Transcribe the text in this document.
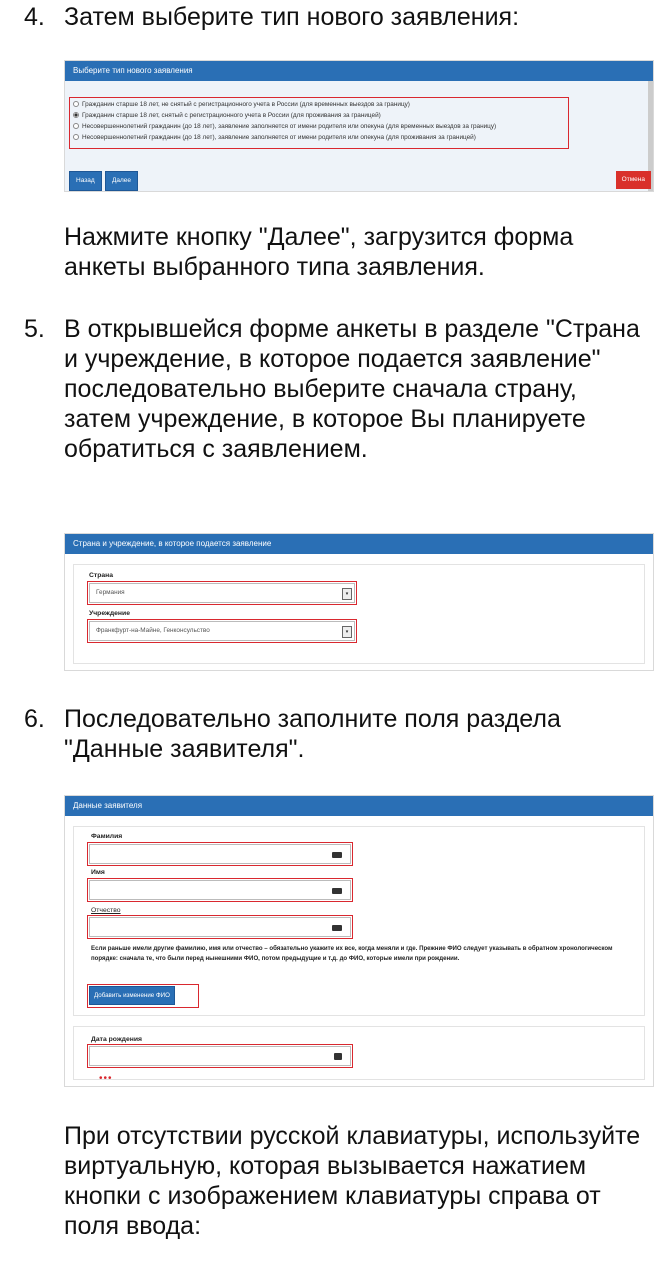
4. Затем выберите тип нового заявления:
Выберите тип нового заявления
Гражданин старше 18 лет, не снятый с регистрационного учета в России (для временных выездов за границу)
Гражданин старше 18 лет, снятый с регистрационного учета в России (для проживания за границей)
Несовершеннолетний гражданин (до 18 лет), заявление заполняется от имени родителя или опекуна (для временных выездов за границу)
Несовершеннолетний гражданин (до 18 лет), заявление заполняется от имени родителя или опекуна (для проживания за границей)
Назад	Далее	Отмена
Нажмите кнопку "Далее", загрузится форма анкеты выбранного типа заявления.
5. В открывшейся форме анкеты в разделе "Страна и учреждение, в которое подается заявление" последовательно выберите сначала страну, затем учреждение, в которое Вы планируете обратиться с заявлением.
Страна и учреждение, в которое подается заявление
Страна
Германия	▾
Учреждение
Франкфурт-на-Майне, Генконсульство	▾
6. Последовательно заполните поля раздела "Данные заявителя".
Данные заявителя
Фамилия
Имя
Отчество
Если раньше имели другие фамилию, имя или отчество – обязательно укажите их все, когда меняли и где. Прежние ФИО следует указывать в обратном хронологическом порядке: сначала те, что были перед нынешними ФИО, потом предыдущие и т.д. до ФИО, которые имели при рождении.
Добавить изменение ФИО
Дата рождения
•••
При отсутствии русской клавиатуры, используйте виртуальную, которая вызывается нажатием кнопки с изображением клавиатуры справа от поля ввода:
